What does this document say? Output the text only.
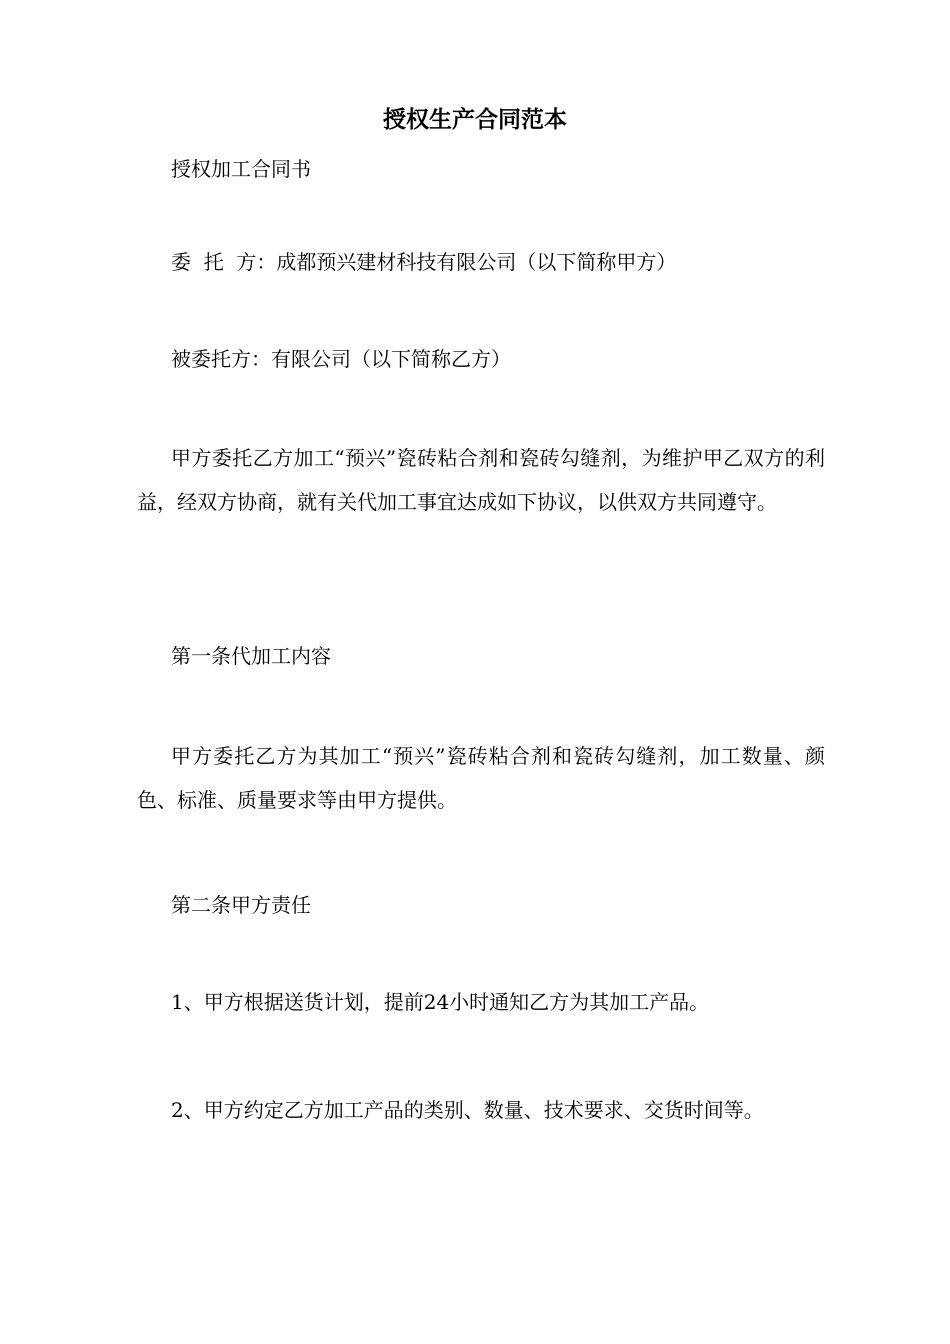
授权生产合同范本

授权加工合同书

委  托  方：成都预兴建材科技有限公司（以下简称甲方）

被委托方：有限公司（以下简称乙方）

甲方委托乙方加工“预兴”瓷砖粘合剂和瓷砖勾缝剂，为维护甲乙双方的利益，经双方协商，就有关代加工事宜达成如下协议，以供双方共同遵守。

第一条代加工内容

甲方委托乙方为其加工“预兴”瓷砖粘合剂和瓷砖勾缝剂，加工数量、颜色、标准、质量要求等由甲方提供。

第二条甲方责任

1、甲方根据送货计划，提前24小时通知乙方为其加工产品。

2、甲方约定乙方加工产品的类别、数量、技术要求、交货时间等。
